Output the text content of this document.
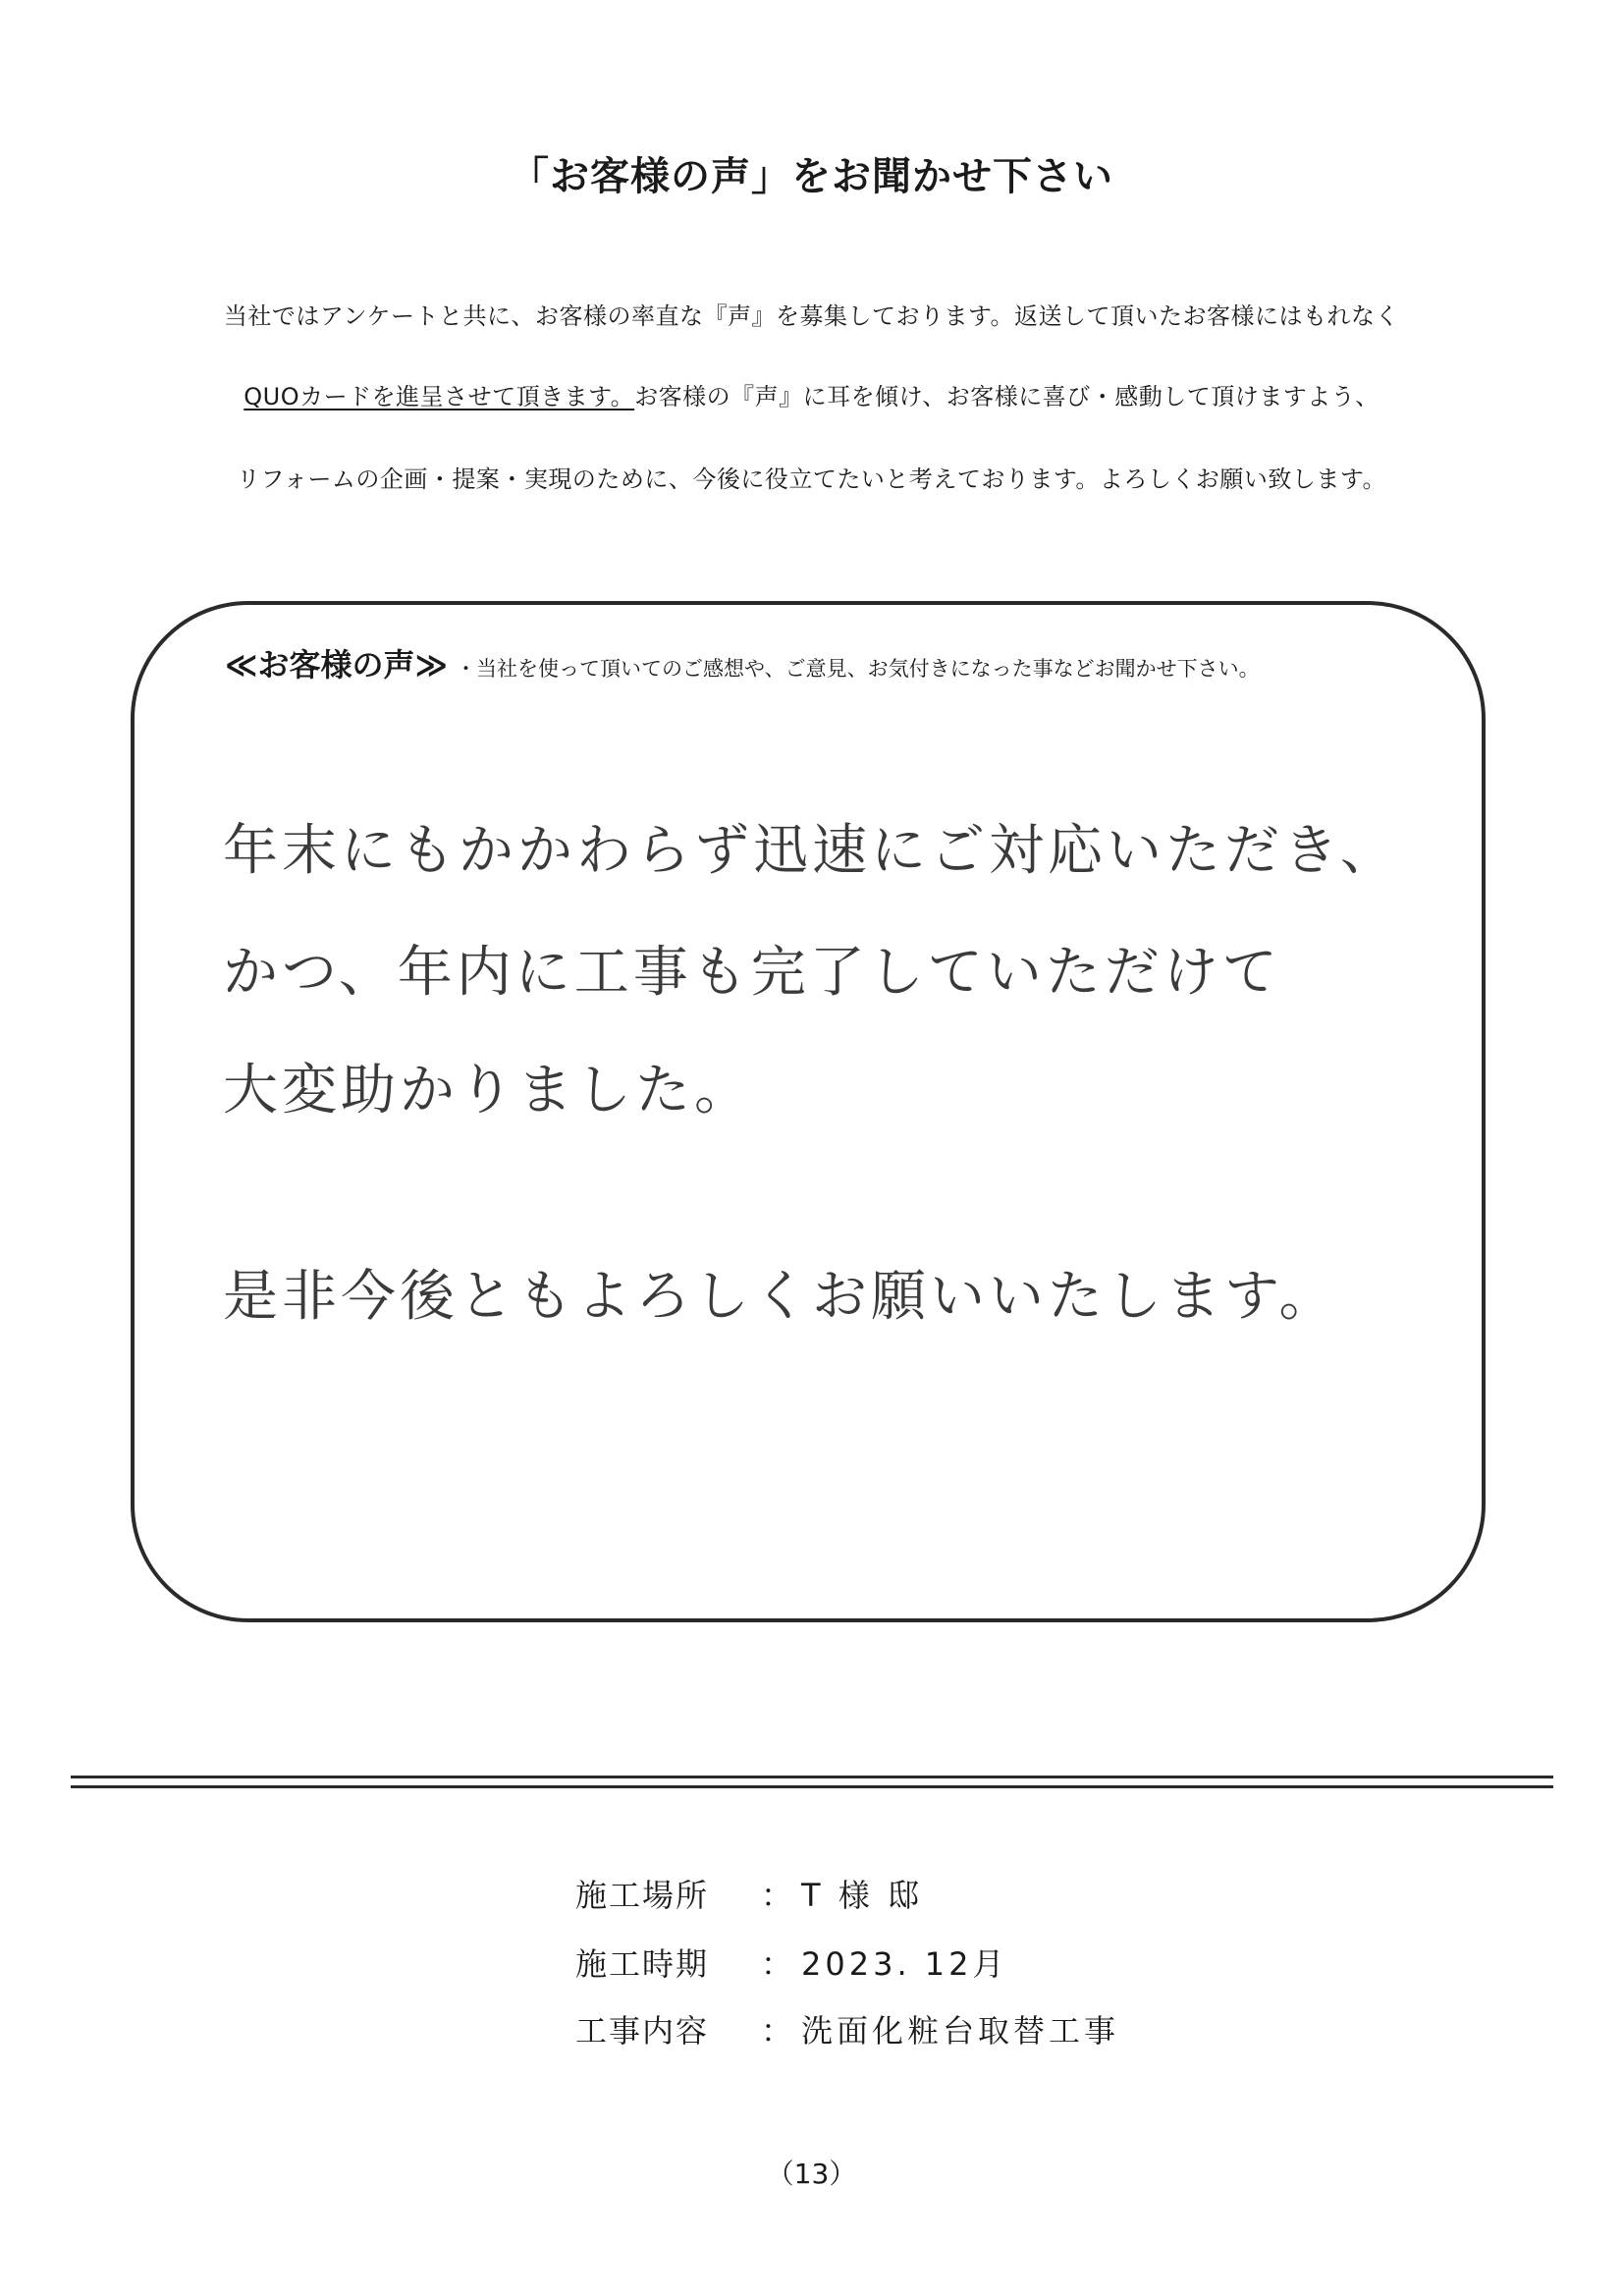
「お客様の声」をお聞かせ下さい
当社ではアンケートと共に、お客様の率直な『声』を募集しております。返送して頂いたお客様にはもれなく
QUOカードを進呈させて頂きます。お客様の『声』に耳を傾け、お客様に喜び・感動して頂けますよう、
リフォームの企画・提案・実現のために、今後に役立てたいと考えております。よろしくお願い致します。
≪お客様の声≫ ・当社を使って頂いてのご感想や、ご意見、お気付きになった事などお聞かせ下さい。
年末にもかかわらず迅速にご対応いただき、
かつ、年内に工事も完了していただけて
大変助かりました。
是非今後ともよろしくお願いいたします。
施工場所 ： T 様 邸
施工時期 ： 2023. 12月
工事内容 ： 洗面化粧台取替工事
（13）
